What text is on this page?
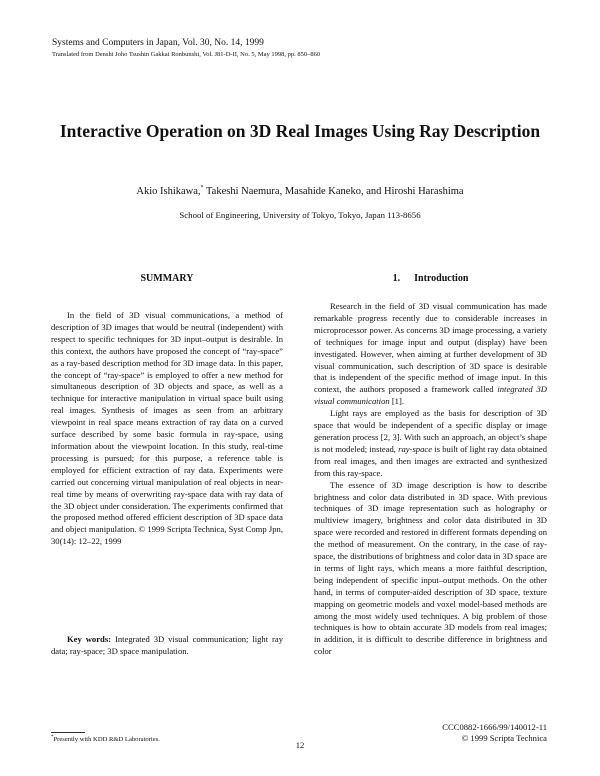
Systems and Computers in Japan, Vol. 30, No. 14, 1999
Translated from Denshi Joho Tsushin Gakkai Ronbunshi, Vol. J81-D-II, No. 5, May 1998, pp. 850–860
Interactive Operation on 3D Real Images Using Ray Description
Akio Ishikawa,* Takeshi Naemura, Masahide Kaneko, and Hiroshi Harashima
School of Engineering, University of Tokyo, Tokyo, Japan 113-8656
SUMMARY

In the field of 3D visual communications, a method of description of 3D images that would be neutral (independent) with respect to specific techniques for 3D input–output is desirable. In this context, the authors have proposed the concept of “ray-space” as a ray-based description method for 3D image data. In this paper, the concept of “ray-space” is employed to offer a new method for simultaneous description of 3D objects and space, as well as a technique for interactive manipulation in virtual space built using real images. Synthesis of images as seen from an arbitrary viewpoint in real space means extraction of ray data on a curved surface described by some basic formula in ray-space, using information about the viewpoint location. In this study, real-time processing is pursued; for this purpose, a reference table is employed for efficient extraction of ray data. Experiments were carried out concerning virtual manipulation of real objects in near-real time by means of overwriting ray-space data with ray data of the 3D object under consideration. The experiments confirmed that the proposed method offered efficient description of 3D space data and object manipulation. © 1999 Scripta Technica, Syst Comp Jpn, 30(14): 12–22, 1999

Key words: Integrated 3D visual communication; light ray data; ray-space; 3D space manipulation.
*Presently with KDD R&D Laboratories.
1. Introduction

Research in the field of 3D visual communication has made remarkable progress recently due to considerable increases in microprocessor power. As concerns 3D image processing, a variety of techniques for image input and output (display) have been investigated. However, when aiming at further development of 3D visual communication, such description of 3D space is desirable that is independent of the specific method of image input. In this context, the authors proposed a framework called integrated 3D visual communication [1].

Light rays are employed as the basis for description of 3D space that would be independent of a specific display or image generation process [2, 3]. With such an approach, an object’s shape is not modeled; instead, ray-space is built of light ray data obtained from real images, and then images are extracted and synthesized from this ray-space.

The essence of 3D image description is how to describe brightness and color data distributed in 3D space. With previous techniques of 3D image representation such as holography or multiview imagery, brightness and color data distributed in 3D space were recorded and restored in different formats depending on the method of measurement. On the contrary, in the case of ray-space, the distributions of brightness and color data in 3D space are in terms of light rays, which means a more faithful description, being independent of specific input–output methods. On the other hand, in terms of computer-aided description of 3D space, texture mapping on geometric models and voxel model-based methods are among the most widely used techniques. A big problem of those techniques is how to obtain accurate 3D models from real images; in addition, it is difficult to describe difference in brightness and color

CCC0882-1666/99/140012-11
© 1999 Scripta Technica
12
